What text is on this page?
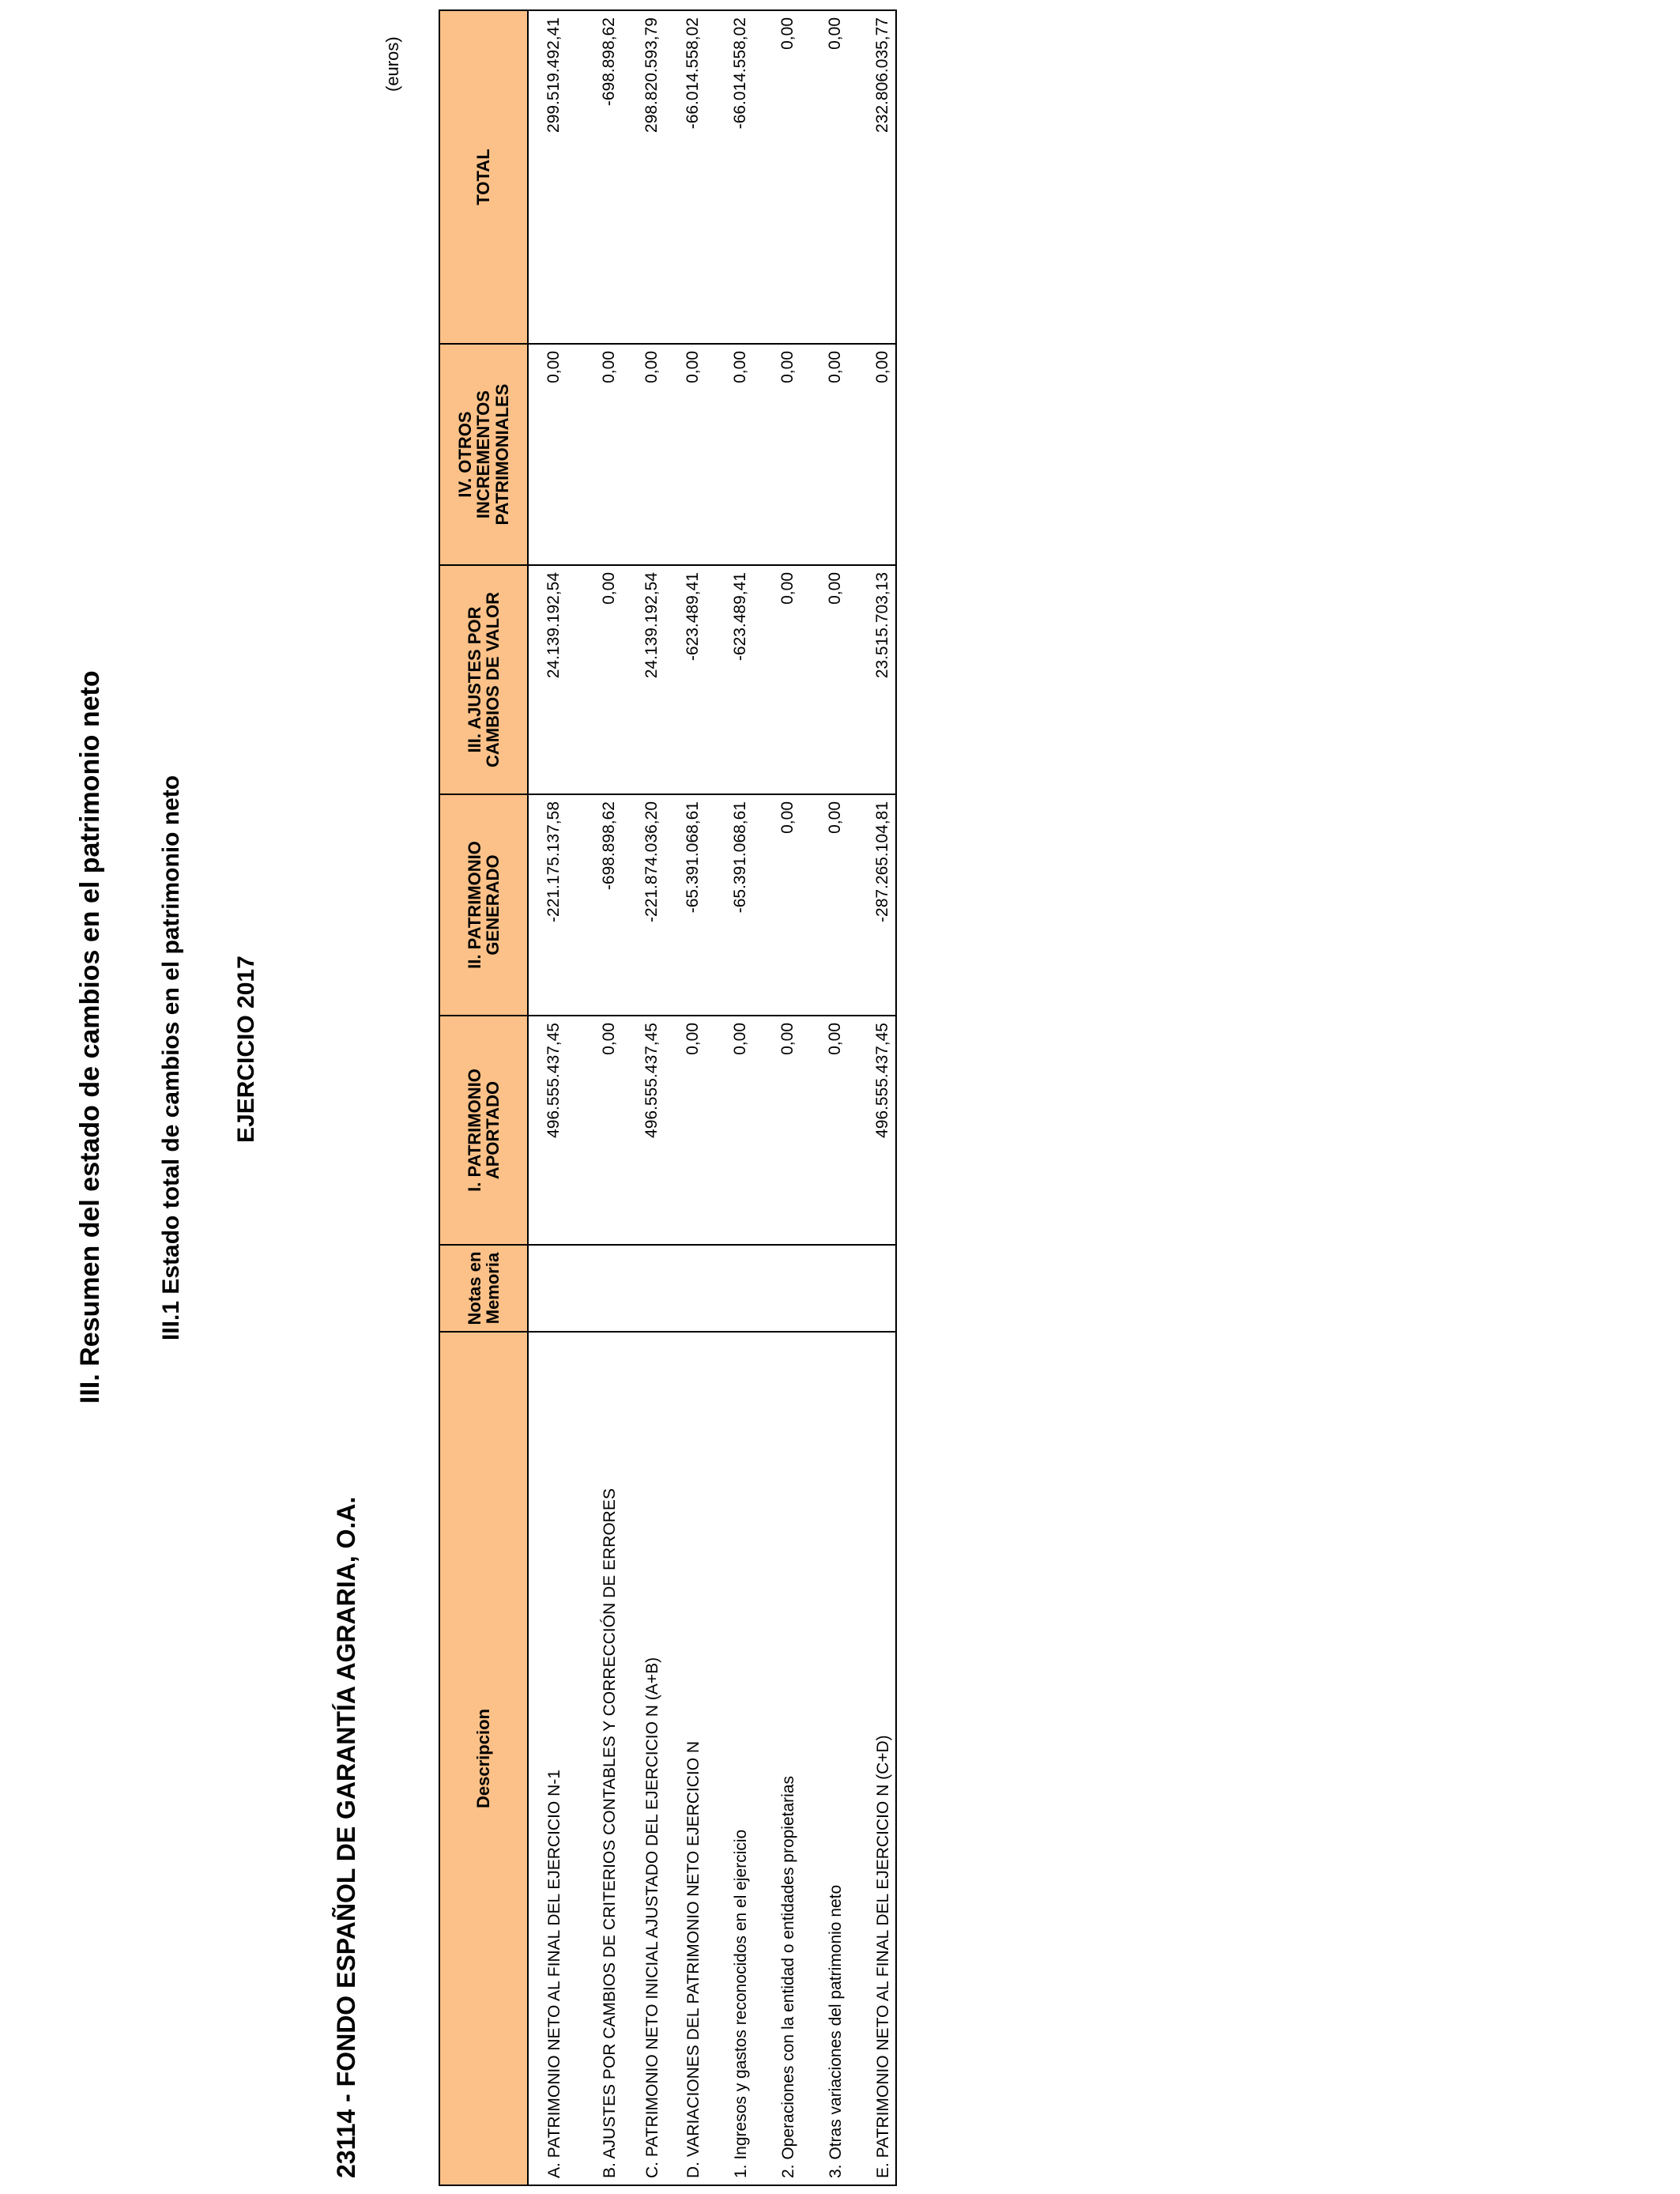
III. Resumen del estado de cambios en el patrimonio neto III.1 Estado total de cambios en el patrimonio neto EJERCICIO 2017
23114 - FONDO ESPAÑOL DE GARANTÍA AGRARIA, O.A.
(euros)
Descripcion	Notas en Memoria	I. PATRIMONIO APORTADO	II. PATRIMONIO GENERADO	III. AJUSTES POR CAMBIOS DE VALOR	IV. OTROS INCREMENTOS PATRIMONIALES	TOTAL
A. PATRIMONIO NETO AL FINAL DEL EJERCICIO N-1		496.555.437,45	-221.175.137,58	24.139.192,54	0,00	299.519.492,41
B. AJUSTES POR CAMBIOS DE CRITERIOS CONTABLES Y CORRECCIÓN DE ERRORES		0,00	-698.898,62	0,00	0,00	-698.898,62
C. PATRIMONIO NETO INICIAL AJUSTADO DEL EJERCICIO N (A+B)		496.555.437,45	-221.874.036,20	24.139.192,54	0,00	298.820.593,79
D. VARIACIONES DEL PATRIMONIO NETO EJERCICIO N		0,00	-65.391.068,61	-623.489,41	0,00	-66.014.558,02
1. Ingresos y gastos reconocidos en el ejercicio		0,00	-65.391.068,61	-623.489,41	0,00	-66.014.558,02
2. Operaciones con la entidad o entidades propietarias		0,00	0,00	0,00	0,00	0,00
3. Otras variaciones del patrimonio neto		0,00	0,00	0,00	0,00	0,00
E. PATRIMONIO NETO AL FINAL DEL EJERCICIO N (C+D)		496.555.437,45	-287.265.104,81	23.515.703,13	0,00	232.806.035,77
